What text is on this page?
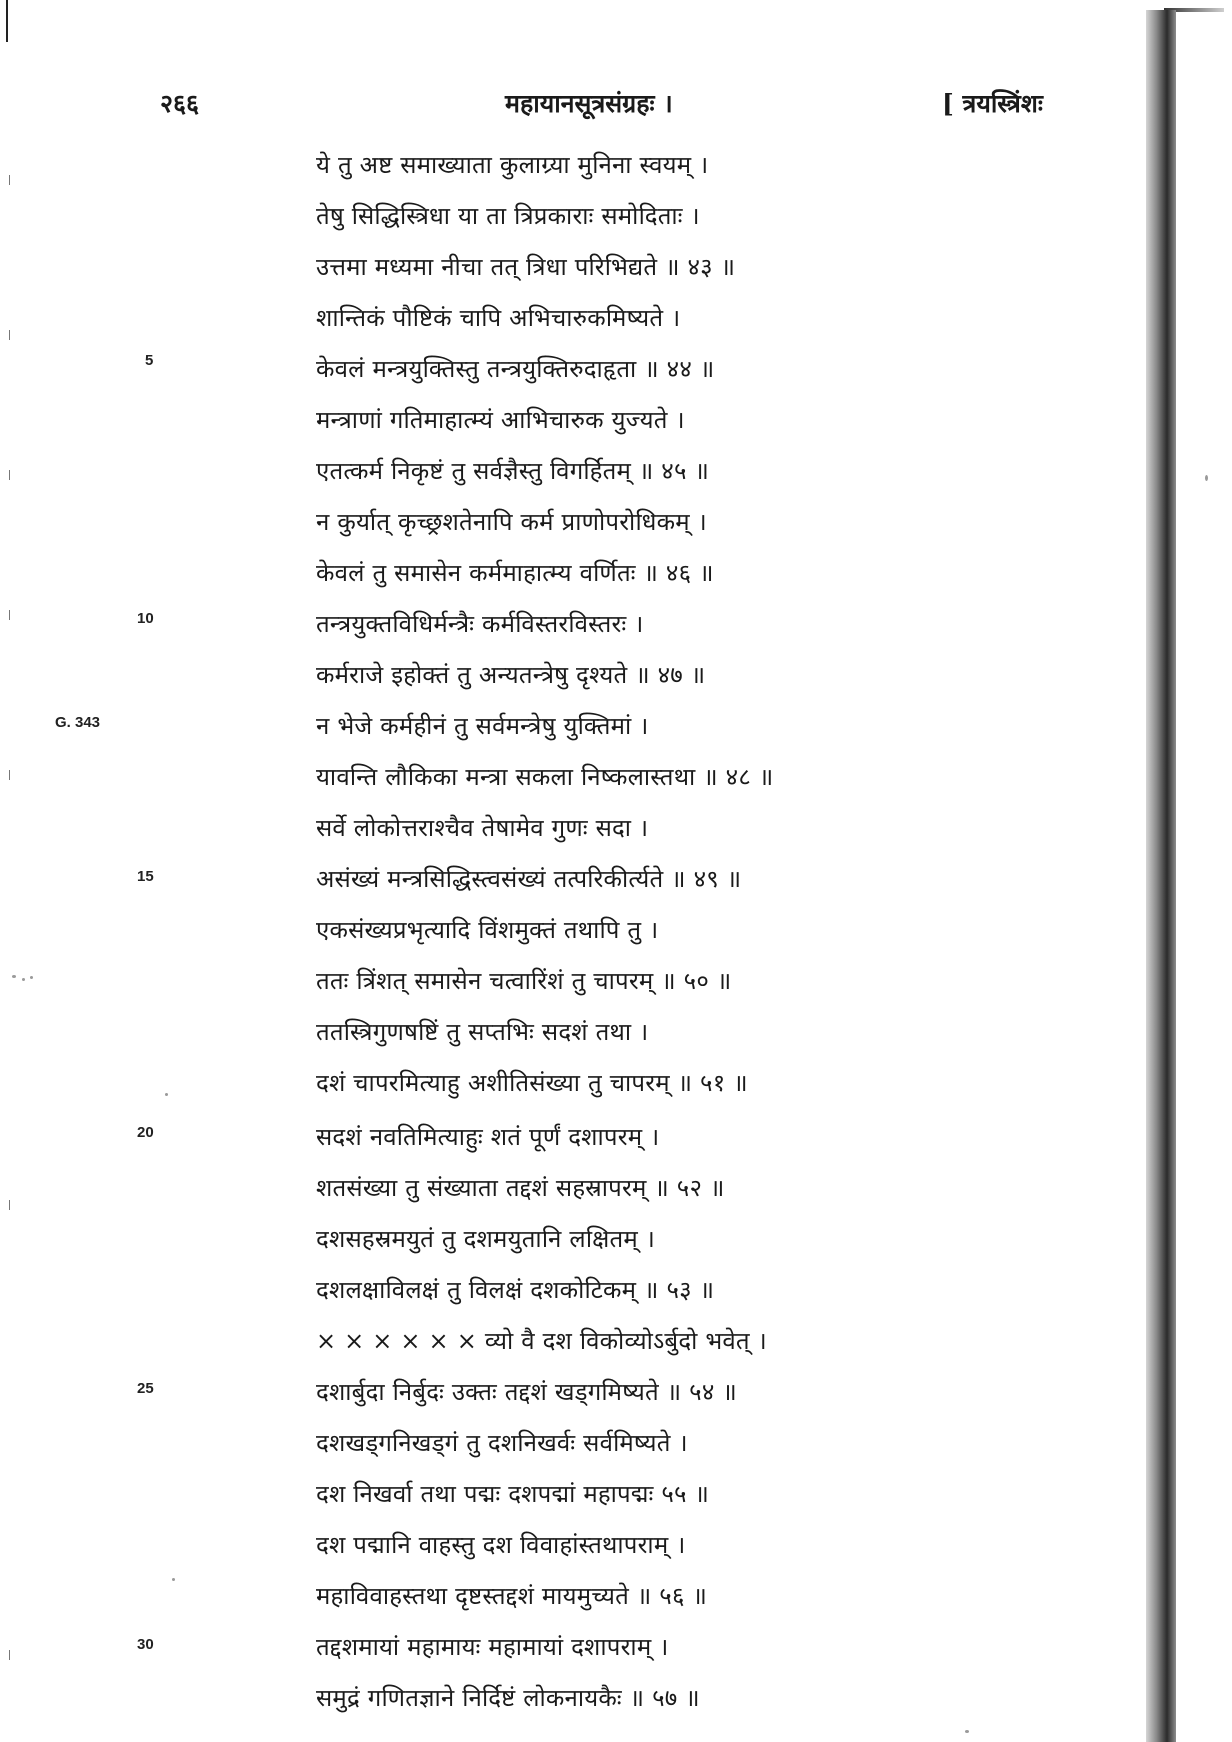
२६६	महायानसूत्रसंग्रहः ।	[ त्रयस्त्रिंशः
5
10
15
20
25
30
G. 343
ये तु अष्ट समाख्याता कुलाग्र्या मुनिना स्वयम् ।
तेषु सिद्धिस्त्रिधा या ता त्रिप्रकाराः समोदिताः ।
उत्तमा मध्यमा नीचा तत् त्रिधा परिभिद्यते ॥ ४३ ॥
शान्तिकं पौष्टिकं चापि अभिचारुकमिष्यते ।
केवलं मन्त्रयुक्तिस्तु तन्त्रयुक्तिरुदाहृता ॥ ४४ ॥
मन्त्राणां गतिमाहात्म्यं आभिचारुक युज्यते ।
एतत्कर्म निकृष्टं तु सर्वज्ञैस्तु विगर्हितम् ॥ ४५ ॥
न कुर्यात् कृच्छ्रशतेनापि कर्म प्राणोपरोधिकम् ।
केवलं तु समासेन कर्ममाहात्म्य वर्णितः ॥ ४६ ॥
तन्त्रयुक्तविधिर्मन्त्रैः कर्मविस्तरविस्तरः ।
कर्मराजे इहोक्तं तु अन्यतन्त्रेषु दृश्यते ॥ ४७ ॥
न भेजे कर्महीनं तु सर्वमन्त्रेषु युक्तिमां ।
यावन्ति लौकिका मन्त्रा सकला निष्कलास्तथा ॥ ४८ ॥
सर्वे लोकोत्तराश्चैव तेषामेव गुणः सदा ।
असंख्यं मन्त्रसिद्धिस्त्वसंख्यं तत्परिकीर्त्यते ॥ ४९ ॥
एकसंख्यप्रभृत्यादि विंशमुक्तं तथापि तु ।
ततः त्रिंशत् समासेन चत्वारिंशं तु चापरम् ॥ ५० ॥
ततस्त्रिगुणषष्टिं तु सप्तभिः सदशं तथा ।
दशं चापरमित्याहु अशीतिसंख्या तु चापरम् ॥ ५१ ॥
सदशं नवतिमित्याहुः शतं पूर्णं दशापरम् ।
शतसंख्या तु संख्याता तद्दशं सहस्रापरम् ॥ ५२ ॥
दशसहस्रमयुतं तु दशमयुतानि लक्षितम् ।
दशलक्षाविलक्षं तु विलक्षं दशकोटिकम् ॥ ५३ ॥
× × × × × × व्यो वै दश विकोव्योऽर्बुदो भवेत् ।
दशार्बुदा निर्बुदः उक्तः तद्दशं खड्गमिष्यते ॥ ५४ ॥
दशखड्गनिखड्गं तु दशनिखर्वः सर्वमिष्यते ।
दश निखर्वा तथा पद्मः दशपद्मां महापद्मः ५५ ॥
दश पद्मानि वाहस्तु दश विवाहांस्तथापराम् ।
महाविवाहस्तथा दृष्टस्तद्दशं मायमुच्यते ॥ ५६ ॥
तद्दशमायां महामायः महामायां दशापराम् ।
समुद्रं गणितज्ञाने निर्दिष्टं लोकनायकैः ॥ ५७ ॥
